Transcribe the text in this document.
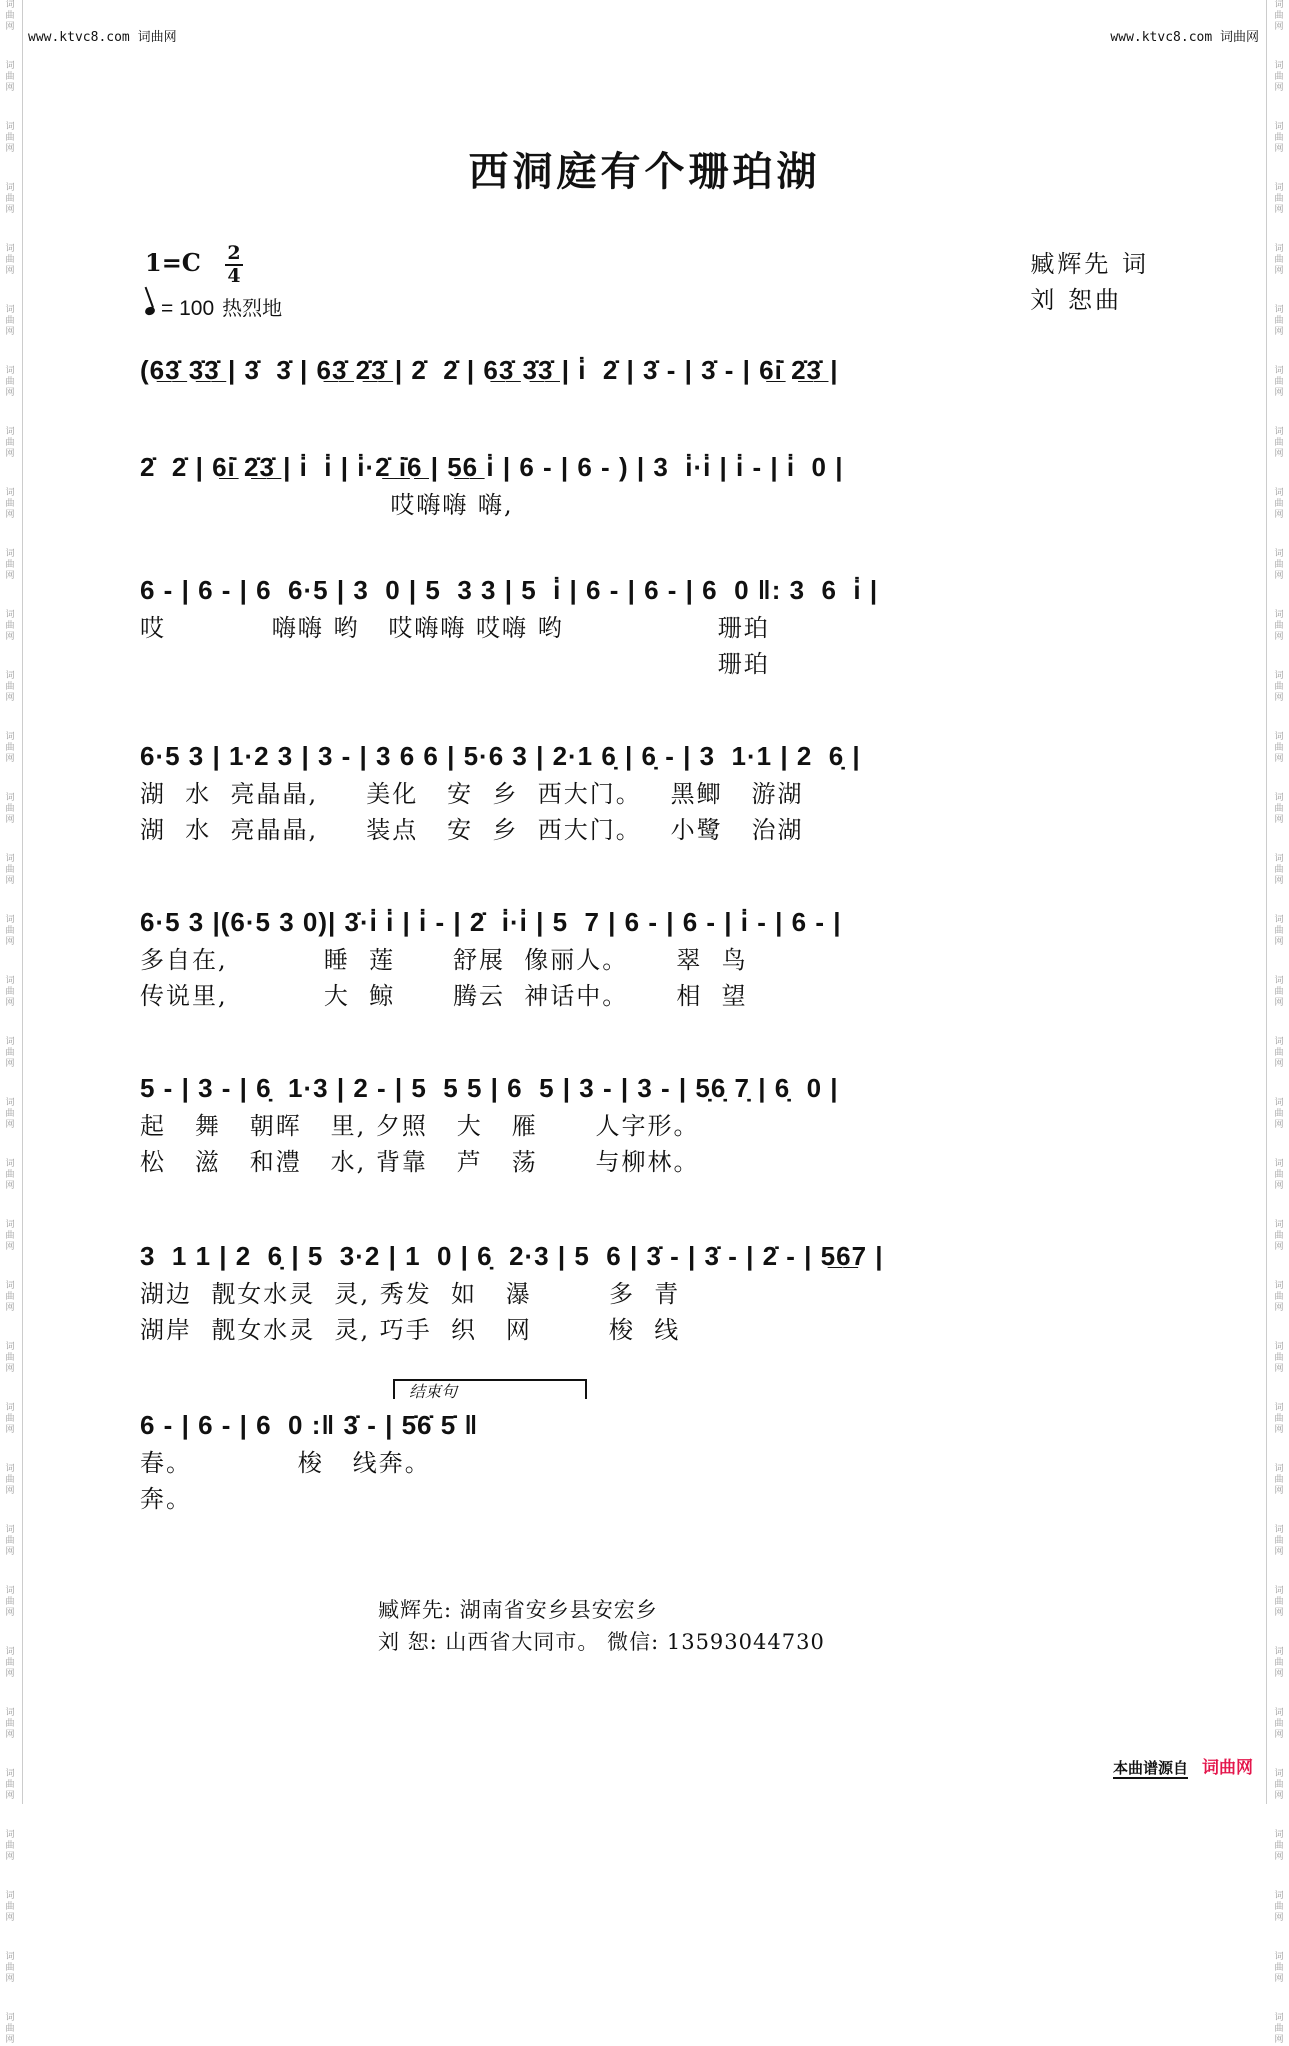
词
曲
网
词
曲
网
词
曲
网
词
曲
网
词
曲
网
词
曲
网
词
曲
网
词
曲
网
词
曲
网
词
曲
网
词
曲
网
词
曲
网
词
曲
网
词
曲
网
词
曲
网
词
曲
网
词
曲
网
词
曲
网
词
曲
网
词
曲
网
词
曲
网
词
曲
网
词
曲
网
词
曲
网
词
曲
网
词
曲
网
词
曲
网
词
曲
网
词
曲
网
词
曲
网
词
曲
网
词
曲
网
词
曲
网
词
曲
网
词
曲
网
词
曲
网
词
曲
网
词
曲
网
词
曲
网
词
曲
网
词
曲
网
词
曲
网
词
曲
网
词
曲
网
词
曲
网
词
曲
网
词
曲
网
词
曲
网
词
曲
网
词
曲
网
词
曲
网
词
曲
网
词
曲
网
词
曲
网
词
曲
网
词
曲
网
词
曲
网
词
曲
网
词
曲
网
词
曲
网
词
曲
网
词
曲
网
词
曲
网
词
曲
网
词
曲
网
词
曲
网
词
曲
网
词
曲
网
www.ktvc8.com 词曲网	www.ktvc8.com 词曲网
西洞庭有个珊珀湖
1=C 2
4
= 100 热烈地
臧辉先 词
刘 恕曲
(6̲3̲̇ 3̲̇3̲̇ | 3̇  3̇ | 6̲3̲̇ 2̲̇3̲̇ | 2̇  2̇ | 6̲3̲̇ 3̲̇3̲̇ | i̇  2̇ | 3̇ - | 3̇ - | 6̲i̲̇ 2̲̇3̲̇ |
2̇  2̇ | 6̲i̲̇ 2̲̇3̲̇ | i̇  i̇ | i̇·2̲̇ i̲̇6̲ | 5̲6̲ i̇ | 6 - | 6 - ) | 3  i̇·i̇ | i̇ - | i̇  0 |
哎嗨嗨 嗨,
6 - | 6 - | 6  6·5 | 3  0 | 5  3 3 | 5  i̇ | 6 - | 6 - | 6  0 ‖: 3  6  i̇ |
哎           嗨嗨 哟   哎嗨嗨 哎嗨 哟                珊珀
珊珀
6·5 3 | 1·2 3 | 3 - | 3 6 6 | 5·6 3 | 2·1 6̣ | 6̣ - | 3  1·1 | 2  6̣ |
湖  水  亮晶晶,     美化   安  乡  西大门。   黑鲫   游湖
湖  水  亮晶晶,     装点   安  乡  西大门。   小鹭   治湖
6·5 3 |(6·5 3 0)| 3̇·i̇ i̇ | i̇ - | 2̇  i̇·i̇ | 5  7 | 6 - | 6 - | i̇ - | 6 - |
多自在,          睡  莲      舒展  像丽人。     翠  鸟
传说里,          大  鲸      腾云  神话中。     相  望
5 - | 3 - | 6̣  1·3 | 2 - | 5  5 5 | 6  5 | 3 - | 3 - | 5̣6̣ 7̣ | 6̣  0 |
起   舞   朝晖   里, 夕照   大   雁      人字形。
松   滋   和澧   水, 背靠   芦   荡      与柳林。
3  1 1 | 2  6̣ | 5  3·2 | 1  0 | 6̣  2·3 | 5  6 | 3̇ - | 3̇ - | 2̇ - | 5̲6̲7 |
湖边  靓女水灵  灵, 秀发  如   瀑        多  青
湖岸  靓女水灵  灵, 巧手  织   网        梭  线
6 - | 6 - | 6  0 :‖ 3̇ - | 5̇6̇ 5̇ ‖
春。           梭   线奔。
奔。
结束句
臧辉先: 湖南省安乡县安宏乡
刘 恕: 山西省大同市。 微信: 13593044730
本曲谱源自 词曲网
